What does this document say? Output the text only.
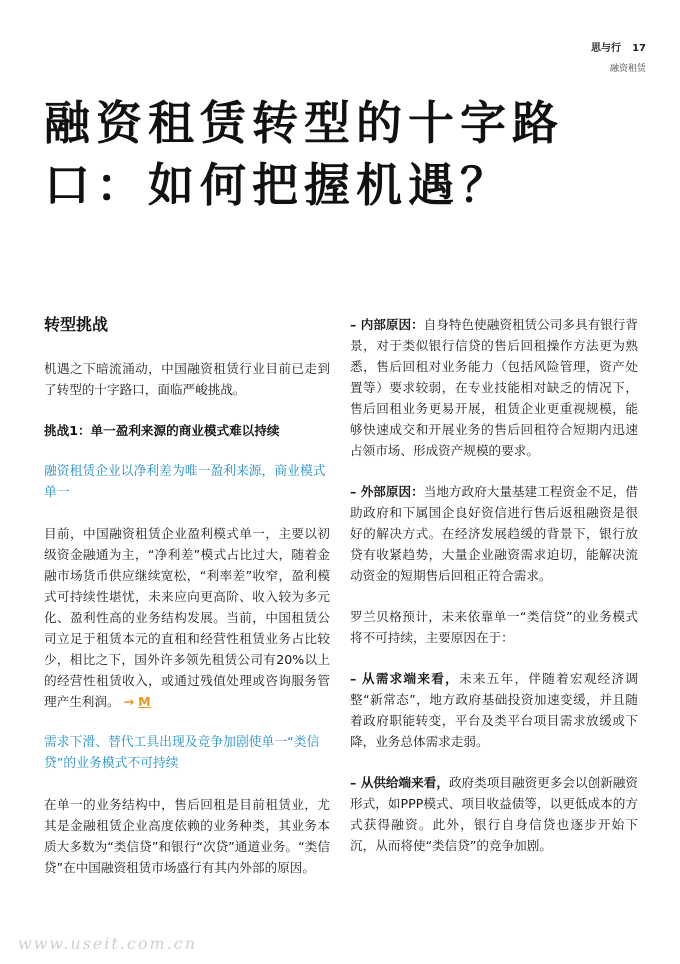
思与行 17
融资租赁
融资租赁转型的十字路口：如何把握机遇？
转型挑战

机遇之下暗流涌动，中国融资租赁行业目前已走到了转型的十字路口，面临严峻挑战。

挑战1：单一盈利来源的商业模式难以持续

融资租赁企业以净利差为唯一盈利来源，商业模式单一

目前，中国融资租赁企业盈利模式单一，主要以初级资金融通为主，“净利差”模式占比过大，随着金融市场货币供应继续宽松，“利率差”收窄，盈利模式可持续性堪忧，未来应向更高阶、收入较为多元化、盈利性高的业务结构发展。当前，中国租赁公司立足于租赁本元的直租和经营性租赁业务占比较少，相比之下，国外许多领先租赁公司有20%以上的经营性租赁收入，或通过残值处理或咨询服务管理产生利润。 → M

需求下滑、替代工具出现及竞争加剧使单一“类信贷”的业务模式不可持续

在单一的业务结构中，售后回租是目前租赁业，尤其是金融租赁企业高度依赖的业务种类，其业务本质大多数为“类信贷”和银行“次贷”通道业务。“类信贷”在中国融资租赁市场盛行有其内外部的原因。

– 内部原因：自身特色使融资租赁公司多具有银行背景，对于类似银行信贷的售后回租操作方法更为熟悉，售后回租对业务能力（包括风险管理，资产处置等）要求较弱，在专业技能相对缺乏的情况下，售后回租业务更易开展，租赁企业更重视规模，能够快速成交和开展业务的售后回租符合短期内迅速占领市场、形成资产规模的要求。

– 外部原因：当地方政府大量基建工程资金不足，借助政府和下属国企良好资信进行售后返租融资是很好的解决方式。在经济发展趋缓的背景下，银行放贷有收紧趋势，大量企业融资需求迫切，能解决流动资金的短期售后回租正符合需求。

罗兰贝格预计，未来依靠单一“类信贷”的业务模式将不可持续，主要原因在于：

– 从需求端来看，未来五年，伴随着宏观经济调整“新常态”，地方政府基础投资加速变缓，并且随着政府职能转变，平台及类平台项目需求放缓或下降，业务总体需求走弱。

– 从供给端来看，政府类项目融资更多会以创新融资形式，如PPP模式、项目收益债等，以更低成本的方式获得融资。此外，银行自身信贷也逐步开始下沉，从而将使“类信贷”的竞争加剧。

www.useit.com.cn
